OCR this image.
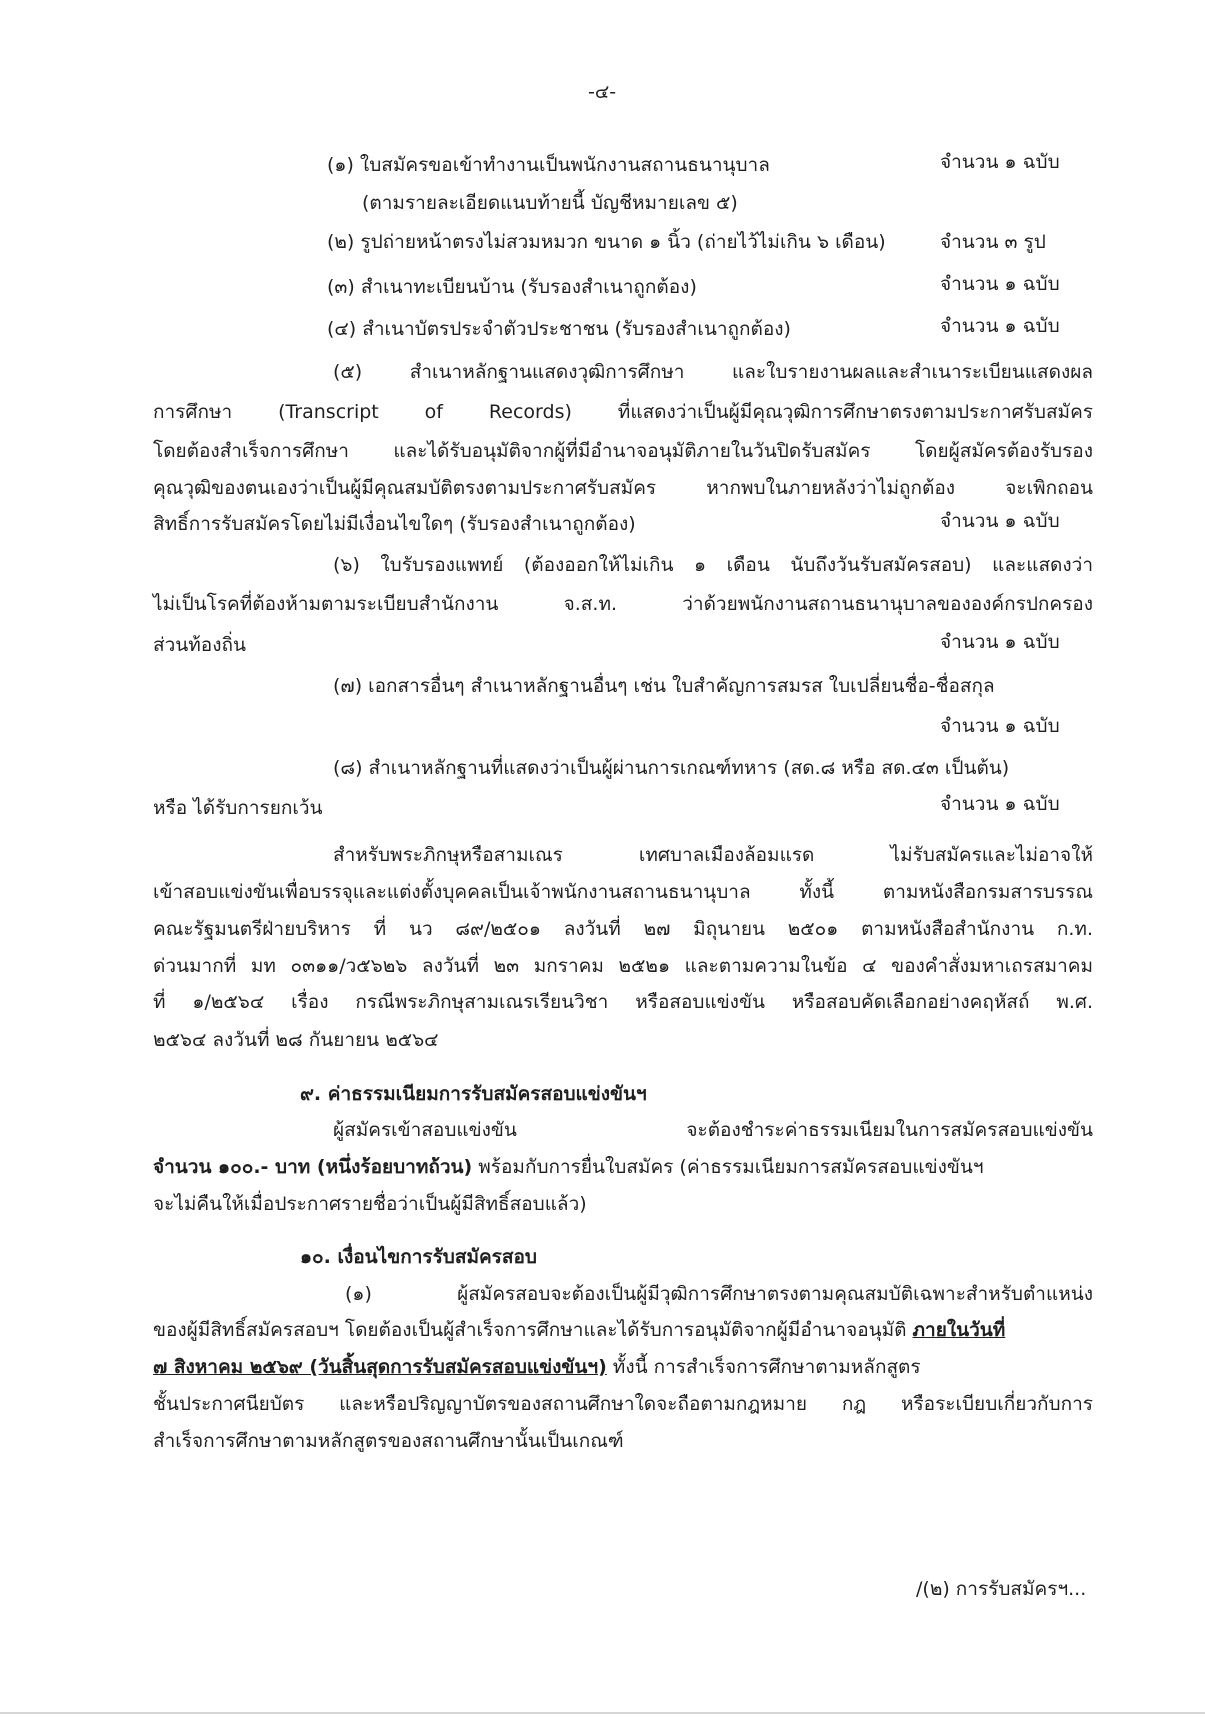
-๔-
(๑) ใบสมัครขอเข้าทำงานเป็นพนักงานสถานธนานุบาล	จำนวน ๑ ฉบับ
(ตามรายละเอียดแนบท้ายนี้ บัญชีหมายเลข ๕)
(๒) รูปถ่ายหน้าตรงไม่สวมหมวก ขนาด ๑ นิ้ว (ถ่ายไว้ไม่เกิน ๖ เดือน)	จำนวน ๓ รูป
(๓) สำเนาทะเบียนบ้าน (รับรองสำเนาถูกต้อง)	จำนวน ๑ ฉบับ
(๔) สำเนาบัตรประจำตัวประชาชน (รับรองสำเนาถูกต้อง)	จำนวน ๑ ฉบับ
(๕) สำเนาหลักฐานแสดงวุฒิการศึกษา และใบรายงานผลและสำเนาระเบียนแสดงผล
การศึกษา (Transcript of Records) ที่แสดงว่าเป็นผู้มีคุณวุฒิการศึกษาตรงตามประกาศรับสมัคร
โดยต้องสำเร็จการศึกษา และได้รับอนุมัติจากผู้ที่มีอำนาจอนุมัติภายในวันปิดรับสมัคร โดยผู้สมัครต้องรับรอง
คุณวุฒิของตนเองว่าเป็นผู้มีคุณสมบัติตรงตามประกาศรับสมัคร หากพบในภายหลังว่าไม่ถูกต้อง จะเพิกถอน
สิทธิ์การรับสมัครโดยไม่มีเงื่อนไขใดๆ (รับรองสำเนาถูกต้อง)	จำนวน ๑ ฉบับ
(๖) ใบรับรองแพทย์ (ต้องออกให้ไม่เกิน ๑ เดือน นับถึงวันรับสมัครสอบ) และแสดงว่า
ไม่เป็นโรคที่ต้องห้ามตามระเบียบสำนักงาน จ.ส.ท. ว่าด้วยพนักงานสถานธนานุบาลขององค์กรปกครอง
ส่วนท้องถิ่น	จำนวน ๑ ฉบับ
(๗) เอกสารอื่นๆ สำเนาหลักฐานอื่นๆ เช่น ใบสำคัญการสมรส ใบเปลี่ยนชื่อ-ชื่อสกุล
จำนวน ๑ ฉบับ
(๘) สำเนาหลักฐานที่แสดงว่าเป็นผู้ผ่านการเกณฑ์ทหาร (สด.๘ หรือ สด.๔๓ เป็นต้น)
หรือ ได้รับการยกเว้น	จำนวน ๑ ฉบับ
สำหรับพระภิกษุหรือสามเณร เทศบาลเมืองล้อมแรด ไม่รับสมัครและไม่อาจให้
เข้าสอบแข่งขันเพื่อบรรจุและแต่งตั้งบุคคลเป็นเจ้าพนักงานสถานธนานุบาล ทั้งนี้ ตามหนังสือกรมสารบรรณ
คณะรัฐมนตรีฝ่ายบริหาร ที่ นว ๘๙/๒๕๐๑ ลงวันที่ ๒๗ มิถุนายน ๒๕๐๑ ตามหนังสือสำนักงาน ก.ท.
ด่วนมากที่ มท ๐๓๑๑/ว๕๖๒๖ ลงวันที่ ๒๓ มกราคม ๒๕๒๑ และตามความในข้อ ๔ ของคำสั่งมหาเถรสมาคม
ที่ ๑/๒๕๖๔ เรื่อง กรณีพระภิกษุสามเณรเรียนวิชา หรือสอบแข่งขัน หรือสอบคัดเลือกอย่างคฤหัสถ์ พ.ศ.
๒๕๖๔ ลงวันที่ ๒๘ กันยายน ๒๕๖๔
๙. ค่าธรรมเนียมการรับสมัครสอบแข่งขันฯ
ผู้สมัครเข้าสอบแข่งขัน จะต้องชำระค่าธรรมเนียมในการสมัครสอบแข่งขัน
จำนวน ๑๐๐.- บาท (หนึ่งร้อยบาทถ้วน) พร้อมกับการยื่นใบสมัคร (ค่าธรรมเนียมการสมัครสอบแข่งขันฯ
จะไม่คืนให้เมื่อประกาศรายชื่อว่าเป็นผู้มีสิทธิ์สอบแล้ว)
๑๐. เงื่อนไขการรับสมัครสอบ
(๑) ผู้สมัครสอบจะต้องเป็นผู้มีวุฒิการศึกษาตรงตามคุณสมบัติเฉพาะสำหรับตำแหน่ง
ของผู้มีสิทธิ์สมัครสอบฯ โดยต้องเป็นผู้สำเร็จการศึกษาและได้รับการอนุมัติจากผู้มีอำนาจอนุมัติ ภายในวันที่
๗ สิงหาคม ๒๕๖๙ (วันสิ้นสุดการรับสมัครสอบแข่งขันฯ) ทั้งนี้ การสำเร็จการศึกษาตามหลักสูตร
ชั้นประกาศนียบัตร และหรือปริญญาบัตรของสถานศึกษาใดจะถือตามกฎหมาย กฎ หรือระเบียบเกี่ยวกับการ
สำเร็จการศึกษาตามหลักสูตรของสถานศึกษานั้นเป็นเกณฑ์
/(๒) การรับสมัครฯ...
